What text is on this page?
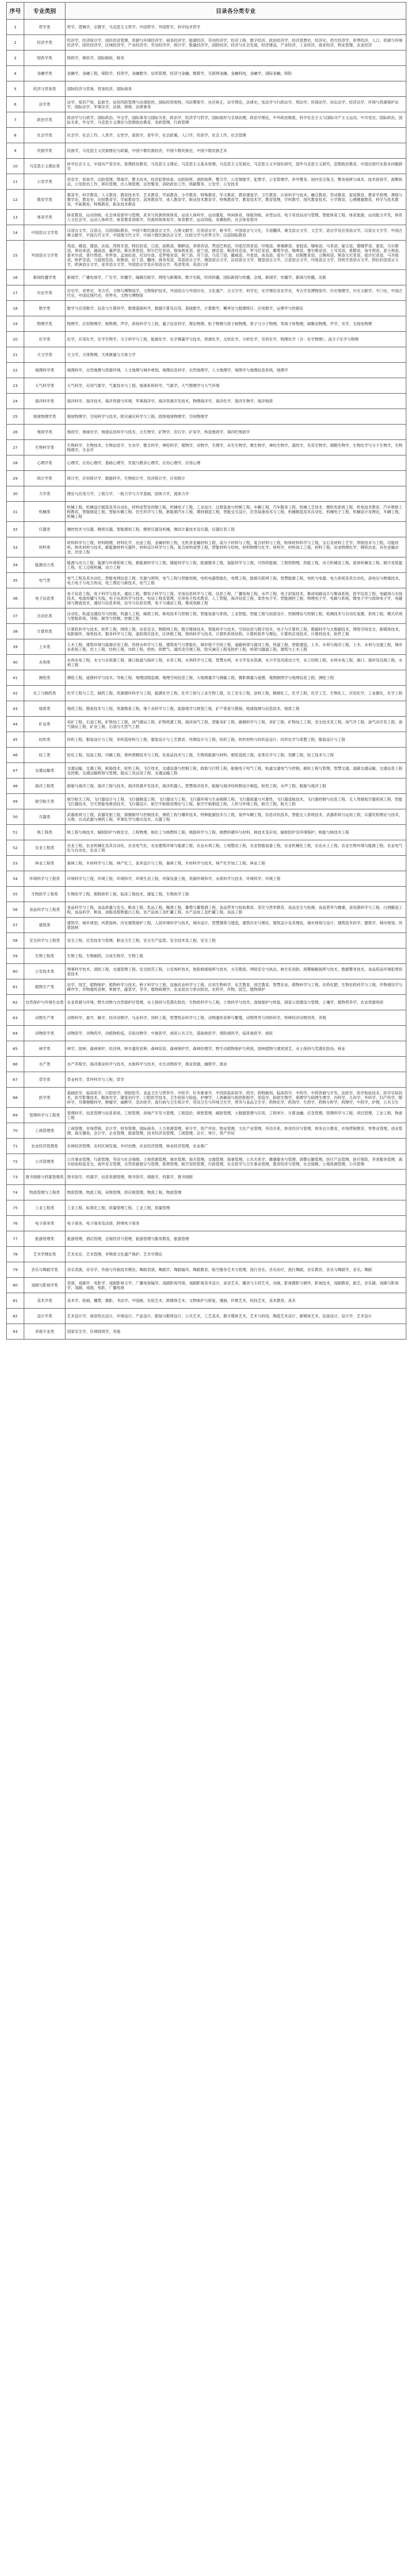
序号	专业类别	目录各分类专业
1	哲学类	哲学，逻辑学，宗教学，马克思主义哲学，中国哲学，外国哲学，科学技术哲学
2	经济学类	经济学，经济统计学，国民经济管理，资源与环境经济学，商务经济学，能源经济，劳动经济学，经济工程，数字经济，政治经济学，经济思想史，经济史，西方经济学，世界经济，人口、资源与环境经济学，国民经济学，区域经济学，产业经济学，劳动经济学，统计学，数量经济学，国防经济，经济与社会发展，经济建设，产业经济，工业经济，商业经济，物业管理，农业经济
3	财政学类	财政学，税收学，国际税收，税务
4	金融学类	金融学，金融工程，保险学，投资学，金融数学，信用管理，经济与金融，精算学，互联网金融，金融科技，金融学，国际金融，保险
5	经济与贸易类	国际经济与贸易，贸易经济，国际商务
6	法学类	法学，知识产权，监狱学，信用风险管理与法律防控，国际经贸规则，司法警察学，社区矫正，法学理论，法律史，宪法学与行政法学，刑法学，民商法学，诉讼法学，经济法学，环境与资源保护法学，国际法学，军事法学，法律，律师，法律事务
7	政治学类	政治学与行政学，国际政治，外交学，国际事务与国际关系，政治学、经济学与哲学，国际组织与全球治理，政治学理论，中外政治制度，科学社会主义与国际共产主义运动，中共党史，国际政治，国际关系，外交学，马克思主义理论与思想政治教育，党政管理，行政管理
8	社会学类	社会学，社会工作，人类学，女性学，家政学，老年学，社会政策，人口学，民俗学，社会工作，社会管理
9	民族学类	民族学，马克思主义民族理论与政策，中国少数民族经济，中国少数民族史，中国少数民族艺术
10	马克思主义理论类	科学社会主义，中国共产党历史，思想政治教育，马克思主义理论，马克思主义基本原理，马克思主义发展史，马克思主义中国化研究，国外马克思主义研究，思想政治教育，中国近现代史基本问题研究
11	公安学类	治安学，侦查学，边防管理，禁毒学，警犬技术，经济犯罪侦查，边防指挥，消防指挥，警卫学，公安情报学，犯罪学，公安管理学，涉外警务，国内安全保卫，警务指挥与战术，技术侦查学，海警执法，公安政治工作，移民管理，出入境管理，反恐警务，消防政治工作，铁路警务，公安学，公安技术
12	教育学类	教育学，科学教育，人文教育，教育技术学，艺术教育，学前教育，小学教育，特殊教育，华文教育，教育康复学，卫生教育，认知科学与技术，融合教育，劳动教育，家庭教育，教育学原理，课程与教学论，教育史，比较教育学，学前教育学，高等教育学，成人教育学，职业技术教育学，特殊教育学，教育技术学，教育管理，学科教学，现代教育技术，小学教育，心理健康教育，科学与技术教育，学前教育，特殊教育，职业技术教育
13	体育学类	体育教育，运动训练，社会体育指导与管理，武术与民族传统体育，运动人体科学，运动康复，休闲体育，体能训练，冰雪运动，电子竞技运动与管理，智能体育工程，体育旅游，运动能力开发，体育人文社会学，运动人体科学，体育教育训练学，民族传统体育学，体育教学，运动训练，竞赛组织，社会体育指导
14	中国语言文学类	汉语言文学，汉语言，汉语国际教育，中国少数民族语言文学，古典文献学，应用语言学，秘书学，中国语言与文化，手语翻译，桑戈语言文学，文艺学，语言学及应用语言学，汉语言文字学，中国古典文献学，中国古代文学，中国现当代文学，中国少数民族语言文学，比较文学与世界文学，汉语国际教育
15	外国语言文学类	英语，俄语，德语，法语，西班牙语，阿拉伯语，日语，波斯语，朝鲜语，菲律宾语，梵语巴利语，印度尼西亚语，印地语，柬埔寨语，老挝语，缅甸语，马来语，蒙古语，僧伽罗语，泰语，乌尔都语，希伯来语，越南语，豪萨语，斯瓦希里语，阿尔巴尼亚语，保加利亚语，波兰语，捷克语，斯洛伐克语，罗马尼亚语，葡萄牙语，瑞典语，塞尔维亚语，土耳其语，希腊语，匈牙利语，意大利语，泰米尔语，普什图语，世界语，孟加拉语，尼泊尔语，克罗地亚语，荷兰语，芬兰语，乌克兰语，挪威语，丹麦语，冰岛语，爱尔兰语，拉脱维亚语，立陶宛语，斯洛文尼亚语，爱沙尼亚语，马耳他语，哈萨克语，乌兹别克语，祖鲁语，拉丁语，翻译，商务英语，英语语言文学，俄语语言文学，法语语言文学，德语语言文学，日语语言文学，印度语言文学，西班牙语语言文学，阿拉伯语语言文学，欧洲语言文学，亚非语言文学，外国语言学及应用语言学，英语笔译，英语口译
16	新闻传播学类	新闻学，广播电视学，广告学，传播学，编辑出版学，网络与新媒体，数字出版，时尚传播，国际新闻与传播，会展，新闻学，传播学，新闻与传播，出版
17	历史学类	历史学，世界史，考古学，文物与博物馆学，文物保护技术，外国语言与外国历史，文化遗产，古文字学，科学史，史学理论及史学史，考古学及博物馆学，历史地理学，历史文献学，专门史，中国古代史，中国近现代史，世界史，文物与博物馆
18	数学类	数学与应用数学，信息与计算科学，数理基础科学，数据计算及应用，基础数学，计算数学，概率论与数理统计，应用数学，运筹学与控制论
19	物理学类	物理学，应用物理学，核物理，声学，系统科学与工程，量子信息科学，理论物理，粒子物理与原子核物理，原子与分子物理，等离子体物理，凝聚态物理，声学，光学，无线电物理
20	化学类	化学，应用化学，化学生物学，分子科学与工程，能源化学，化学测量学与技术，资源化学，无机化学，分析化学，有机化学，物理化学（含：化学物理），高分子化学与物理
21	天文学类	天文学，天体物理，天体测量与天体力学
22	地理科学类	地理科学，自然地理与资源环境，人文地理与城乡规划，地理信息科学，自然地理学，人文地理学，地图学与地理信息系统，地理学
23	大气科学类	大气科学，应用气象学，气象技术与工程，地球系统科学，气象学，大气物理学与大气环境
24	海洋科学类	海洋科学，海洋技术，海洋资源与环境，军事海洋学，海洋资源开发技术，物理海洋学，海洋化学，海洋生物学，海洋地质
25	地球物理学类	地球物理学，空间科学与技术，防灾减灾科学与工程，固体地球物理学，空间物理学
26	地质学类	地质学，地球化学，地球信息科学与技术，古生物学，矿物学、岩石学、矿床学，构造地质学，第四纪地质学
27	生物科学类	生物科学，生物技术，生物信息学，生态学，整合科学，神经科学，植物学，动物学，生理学，水生生物学，微生物学，神经生物学，遗传学，发育生物学，细胞生物学，生物化学与分子生物学，生物物理学，生态学
28	心理学类	心理学，应用心理学，基础心理学，发展与教育心理学，应用心理学，应用心理
29	统计学类	统计学，应用统计学，数据科学，生物统计学，经济统计学，应用统计
30	力学类	理论与应用力学，工程力学，一般力学与力学基础，固体力学，流体力学
31	机械类	机械工程，机械设计制造及其自动化，材料成型及控制工程，机械电子工程，工业设计，过程装备与控制工程，车辆工程，汽车服务工程，机械工艺技术，微机电系统工程，机电技术教育，汽车维修工程教育，智能制造工程，智能车辆工程，仿生科学与工程，新能源汽车工程，增材制造工程，智能交互设计，应急装备技术与工程，机械制造及其自动化，机械电子工程，机械设计及理论，车辆工程，机械工程
32	仪器类	测控技术与仪器，精密仪器，智能感知工程，精密仪器及机械，测试计量技术及仪器，仪器仪表工程
33	材料类	材料科学与工程，材料物理，材料化学，冶金工程，金属材料工程，无机非金属材料工程，高分子材料与工程，复合材料与工程，粉体材料科学与工程，宝石及材料工艺学，焊接技术与工程，功能材料，纳米材料与技术，新能源材料与器件，材料设计科学与工程，复合材料成型工程，智能材料与结构，材料物理与化学，材料学，材料加工工程，材料工程，冶金物理化学，钢铁冶金，有色金属冶金，冶金工程
34	能源动力类	能源与动力工程，能源与环境系统工程，新能源科学与工程，储能科学与工程，能源服务工程，氢能科学与工程，可持续能源，工程热物理，热能工程，动力机械及工程，流体机械及工程，制冷及低温工程，化工过程机械，动力工程
35	电气类	电气工程及其自动化，智能电网信息工程，光源与照明，电气工程与智能控制，电机电器智能化，电缆工程，能源互联网工程，智慧能源工程，电机与电器，电力系统及其自动化，高电压与绝缘技术，电力电子与电力传动，电工理论与新技术，电气工程
36	电子信息类	电子信息工程，电子科学与技术，通信工程，微电子科学与工程，光电信息科学与工程，信息工程，广播电视工程，水声工程，电子封装技术，集成电路设计与集成系统，医学信息工程，电磁场与无线技术，电波传播与天线，电子信息科学与技术，电信工程及管理，应用电子技术教育，人工智能，海洋信息工程，柔性电子学，智能测控工程，物理电子学，电路与系统，微电子学与固体电子学，电磁场与微波技术，通信与信息系统，信号与信息处理，电子与通信工程，集成电路工程
37	自动化类	自动化，轨道交通信号与控制，机器人工程，邮政工程，核电技术与控制工程，智能装备与系统，工业智能，智能工程与创意设计，控制理论与控制工程，检测技术与自动化装置，系统工程，模式识别与智能系统，导航、制导与控制，控制工程
38	计算机类	计算机科学与技术，软件工程，网络工程，信息安全，物联网工程，数字媒体技术，智能科学与技术，空间信息与数字技术，电子与计算机工程，数据科学与大数据技术，网络空间安全，新媒体技术，电影制作，保密技术，服务科学与工程，虚拟现实技术，区块链工程，密码科学与技术，计算机系统结构，计算机软件与理论，计算机应用技术，计算机技术，软件工程
39	土木类	土木工程，建筑环境与能源应用工程，给排水科学与工程，建筑电气与智能化，城市地下空间工程，道路桥梁与渡河工程，铁道工程，智能建造，土木、水利与海洋工程，土木、水利与交通工程，城市水系统工程，岩土工程，结构工程，市政工程，供热、供燃气、通风及空调工程，防灾减灾工程及防护工程，桥梁与隧道工程，建筑与土木工程
40	水利类	水利水电工程，水文与水资源工程，港口航道与海岸工程，水务工程，水利科学与工程，智慧水利，水文学及水资源，水力学及河流动力学，水工结构工程，水利水电工程，港口、海岸及近海工程，水利工程
41	测绘类	测绘工程，遥感科学与技术，导航工程，地理国情监测，地理空间信息工程，大地测量学与测量工程，摄影测量与遥感，地图制图学与地理信息工程，测绘工程
42	化工与制药类	化学工程与工艺，制药工程，资源循环科学与工程，能源化学工程，化学工程与工业生物工程，化工安全工程，涂料工程，精细化工，化学工程，化学工艺，生物化工，应用化学，工业催化，化学工程
43	地质类	地质工程，勘查技术与工程，资源勘查工程，地下水科学与工程，旅游地学与规划工程，矿产普查与勘探，地球探测与信息技术，地质工程
44	矿业类	采矿工程，石油工程，矿物加工工程，油气储运工程，矿物资源工程，海洋油气工程，智能采矿工程，碳储科学与工程，采矿工程，矿物加工工程，安全技术及工程，油气井工程，油气田开发工程，油气储运工程，矿业工程，石油与天然气工程
45	纺织类	纺织工程，服装设计与工程，非织造材料与工程，服装设计与工艺教育，丝绸设计与工程，纺织工程，纺织材料与纺织品设计，纺织化学与染整工程，服装设计与工程
46	轻工类	轻化工程，包装工程，印刷工程，香料香精技术与工程，化妆品技术与工程，生物质能源与材料，制浆造纸工程，皮革化学与工程，发酵工程，轻工技术与工程
47	交通运输类	交通运输，交通工程，航海技术，轮机工程，飞行技术，交通设备与控制工程，救助与打捞工程，船舶电子电气工程，轨道交通电气与控制，邮轮工程与管理，智慧交通，道路交通运输，交通信息工程及控制，交通运输规划与管理，载运工具运用工程，交通运输工程
48	海洋工程类	船舶与海洋工程，海洋工程与技术，海洋资源开发技术，海洋机器人，智慧海洋技术，船舶与海洋结构物设计制造，轮机工程，水声工程，船舶与海洋工程
49	航空航天类	航空航天工程，飞行器设计与工程，飞行器制造工程，飞行器动力工程，飞行器环境与生命保障工程，飞行器质量与可靠性，飞行器适航技术，飞行器控制与信息工程，无人驾驶航空器系统工程，智能飞行器技术，空天智能电推进技术，飞行器设计，航空宇航推进理论与工程，航空宇航制造工程，人机与环境工程，航空工程，航天工程
50	兵器类	武器系统与工程，武器发射工程，探测制导与控制技术，弹药工程与爆炸技术，特种能源技术与工程，装甲车辆工程，信息对抗技术，智能无人系统技术，武器系统与运用工程，兵器发射理论与技术，火炮、自动武器与弹药工程，军事化学与烟火技术，兵器工程
51	核工程类	核工程与核技术，辐射防护与核安全，工程物理，核化工与核燃料工程，核能科学与工程，核燃料循环与材料，核技术及应用，辐射防护及环境保护，核能与核技术工程
52	农业工程类	农业工程，农业机械化及其自动化，农业电气化，农业建筑环境与能源工程，农业水利工程，土地整治工程，农业智能装备工程，农业机械化工程，农业水土工程，农业生物环境与能源工程，农业电气化与自动化，农业工程
53	林业工程类	森林工程，木材科学与工程，林产化工，家具设计与工程，森林工程，木材科学与技术，林产化学加工工程，林业工程
54	环境科学与工程类	环境科学与工程，环境工程，环境科学，环境生态工程，环保设备工程，资源环境科学，水质科学与技术，环境科学，环境工程
55	生物医学工程类	生物医学工程，假肢矫形工程，临床工程技术，康复工程，生物医学工程
56	食品科学与工程类	食品科学与工程，食品质量与安全，粮食工程，乳品工程，酿酒工程，葡萄与葡萄酒工程，食品营养与检验教育，烹饪与营养教育，食品安全与检测，食品营养与健康，食用菌科学与工程，白酒酿造工程，食品科学，粮食、油脂及植物蛋白工程，农产品加工及贮藏工程，水产品加工及贮藏工程，食品工程
57	建筑类	建筑学，城乡规划，风景园林，历史建筑保护工程，人居环境科学与技术，城市设计，智慧建筑与建造，建筑历史与理论，建筑设计及其理论，城市规划与设计，建筑技术科学，建筑学，城市规划，风景园林
58	安全科学与工程类	安全工程，应急技术与管理，职业卫生工程，安全生产监管，安全技术及工程，安全工程
59	生物工程类	生物工程，生物制药，合成生物学，生物工程
60	公安技术类	刑事科学技术，消防工程，交通管理工程，安全防范工程，公安视听技术，抢险救援指挥与技术，火灾勘查，网络安全与执法，核生化消防，海警舰艇指挥与技术，数据警务技术，食品药品环境犯罪侦查技术
61	植物生产类	农学，园艺，植物保护，植物科学与技术，种子科学与工程，设施农业科学与工程，应用生物科学，农艺教育，园艺教育，智慧农业，菌物科学与工程，农药化肥，生物农药科学与工程，作物栽培学与耕作学，作物遗传育种，果树学，蔬菜学，茶学，植物病理学，农业昆虫与害虫防治，农药学，作物，园艺，植物保护
62	自然保护与环境生态类	农业资源与环境，野生动物与自然保护区管理，水土保持与荒漠化防治，生物质科学与工程，土地科学与技术，湿地保护与恢复，国家公园建设与管理，土壤学，植物营养学，农业资源利用
63	动物生产类	动物科学，蚕学，蜂学，经济动物学，马业科学，饲料工程，智慧牧业科学与工程，动物遗传育种与繁殖，动物营养与饲料科学，特种经济动物饲养，养殖
64	动物医学类	动物医学，动物药学，动植物检疫，实验动物学，中兽医学，兽医公共卫生，基础兽医学，预防兽医学，临床兽医学，兽医
65	林学类	林学，园林，森林保护，经济林，林木遗传育种，森林培育，森林保护学，森林经理学，野生动植物保护与利用，园林植物与观赏园艺，水土保持与荒漠化防治，林业
66	水产类	水产养殖学，海洋渔业科学与技术，水族科学与技术，水生动物医学，渔业资源，捕捞学，渔业
67	草学类	草业科学，草坪科学与工程，草学
68	医学类	基础医学，临床医学，口腔医学，预防医学，食品卫生与营养学，中医学，针灸推拿学，中西医临床医学，药学，药物制剂，临床药学，中药学，中药资源与开发，法医学，医学检验技术，医学实验技术，医学影像技术，眼视光学，康复治疗学，口腔医学技术，卫生检验与检疫，护理学，人体解剖与组织胚胎学，免疫学，病原生物学，病理学与病理生理学，内科学，儿科学，外科学，妇产科学，眼科学，耳鼻咽喉科学，肿瘤学，麻醉学，急诊医学，流行病与卫生统计学，劳动卫生与环境卫生学，营养与食品卫生学，药物化学，药剂学，生药学，药物分析学，药理学，中药学，护理，公共卫生
69	管理科学与工程类	管理科学，信息管理与信息系统，工程管理，房地产开发与管理，工程造价，保密管理，邮政管理，大数据管理与应用，工程审计，计算金融，应急管理，管理科学与工程，项目管理，工业工程，物流工程
70	工商管理类	工商管理，市场营销，会计学，财务管理，国际商务，人力资源管理，审计学，资产评估，物业管理，文化产业管理，劳动关系，体育经济与管理，财务会计教育，市场营销教育，零售业管理，创业管理，海关稽查，会计学，企业管理，旅游管理，技术经济及管理，工商管理，会计，审计，资产评估
71	农业经济管理类	农林经济管理，农村区域发展，乡村治理，农业经济管理，林业经济管理，农业推广
72	公共管理类	公共事业管理，行政管理，劳动与社会保障，土地资源管理，城市管理，海关管理，交通管理，海事管理，公共关系学，健康服务与管理，海警后勤管理，医疗产品管理，医疗保险，养老服务管理，海关检验检疫安全，海外安全管理，自然资源登记与管理，慈善管理，航空安防管理，行政管理，社会医学与卫生事业管理，教育经济与管理，社会保障，土地资源管理，公共管理
73	图书情报与档案管理类	图书馆学，档案学，信息资源管理，图书馆学，情报学，档案学，图书情报
74	物流管理与工程类	物流管理，物流工程，采购管理，供应链管理，物流工程，物流管理
75	工业工程类	工业工程，标准化工程，质量管理工程，工业工程，质量管理
76	电子商务类	电子商务，电子商务及法律，跨境电子商务
77	旅游管理类	旅游管理，酒店管理，会展经济与管理，旅游管理与服务教育，旅游管理
78	艺术学理论类	艺术史论，艺术管理，非物质文化遗产保护，艺术学理论
79	音乐与舞蹈学类	音乐表演，音乐学，作曲与作曲技术理论，舞蹈表演，舞蹈学，舞蹈编导，舞蹈教育，航空服务艺术与管理，流行音乐，音乐治疗，流行舞蹈，音乐教育，音乐与舞蹈学，音乐，舞蹈
80	戏剧与影视学类	表演，戏剧学，电影学，戏剧影视文学，广播电视编导，戏剧影视导演，戏剧影视美术设计，录音艺术，播音与主持艺术，动画，影视摄影与制作，影视技术，戏剧教育，曲艺，音乐剧，戏剧与影视学，戏剧，戏曲，电影，广播电视
81	美术学类	美术学，绘画，雕塑，摄影，书法学，中国画，实验艺术，跨媒体艺术，文物保护与修复，漫画，纤维艺术，科技艺术，美术教育，美术
82	设计学类	艺术设计学，视觉传达设计，环境设计，产品设计，服装与服饰设计，公共艺术，工艺美术，数字媒体艺术，艺术与科技，陶瓷艺术设计，新媒体艺术，包装设计，设计学，艺术设计
83	其他专业类	国家安全学，区域国别学，其他
